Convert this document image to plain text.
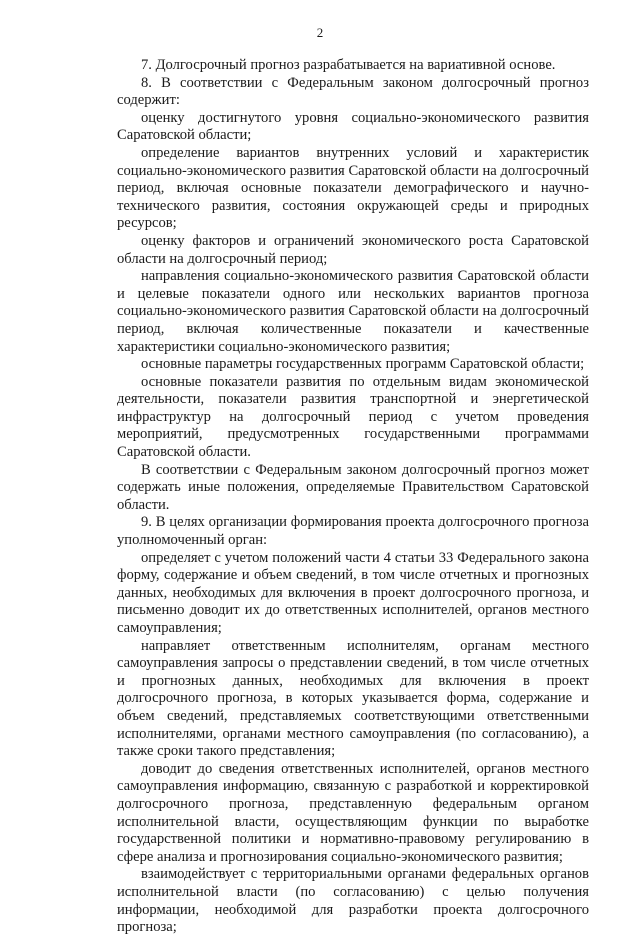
2

7. Долгосрочный прогноз разрабатывается на вариативной основе.

8. В соответствии с Федеральным законом долгосрочный прогноз содержит:

оценку достигнутого уровня социально-экономического развития Саратовской области;

определение вариантов внутренних условий и характеристик социально-экономического развития Саратовской области на долгосрочный период, включая основные показатели демографического и научно-технического развития, состояния окружающей среды и природных ресурсов;

оценку факторов и ограничений экономического роста Саратовской области на долгосрочный период;

направления социально-экономического развития Саратовской области и целевые показатели одного или нескольких вариантов прогноза социально-экономического развития Саратовской области на долгосрочный период, включая количественные показатели и качественные характеристики социально-экономического развития;

основные параметры государственных программ Саратовской области;

основные показатели развития по отдельным видам экономической деятельности, показатели развития транспортной и энергетической инфраструктур на долгосрочный период с учетом проведения мероприятий, предусмотренных государственными программами Саратовской области.

В соответствии с Федеральным законом долгосрочный прогноз может содержать иные положения, определяемые Правительством Саратовской области.

9. В целях организации формирования проекта долгосрочного прогноза уполномоченный орган:

определяет с учетом положений части 4 статьи 33 Федерального закона форму, содержание и объем сведений, в том числе отчетных и прогнозных данных, необходимых для включения в проект долгосрочного прогноза, и письменно доводит их до ответственных исполнителей, органов местного самоуправления;

направляет ответственным исполнителям, органам местного самоуправления запросы о представлении сведений, в том числе отчетных и прогнозных данных, необходимых для включения в проект долгосрочного прогноза, в которых указывается форма, содержание и объем сведений, представляемых соответствующими ответственными исполнителями, органами местного самоуправления (по согласованию), а также сроки такого представления;

доводит до сведения ответственных исполнителей, органов местного самоуправления информацию, связанную с разработкой и корректировкой долгосрочного прогноза, представленную федеральным органом исполнительной власти, осуществляющим функции по выработке государственной политики и нормативно-правовому регулированию в сфере анализа и прогнозирования социально-экономического развития;

взаимодействует с территориальными органами федеральных органов исполнительной власти (по согласованию) с целью получения информации, необходимой для разработки проекта долгосрочного прогноза;
